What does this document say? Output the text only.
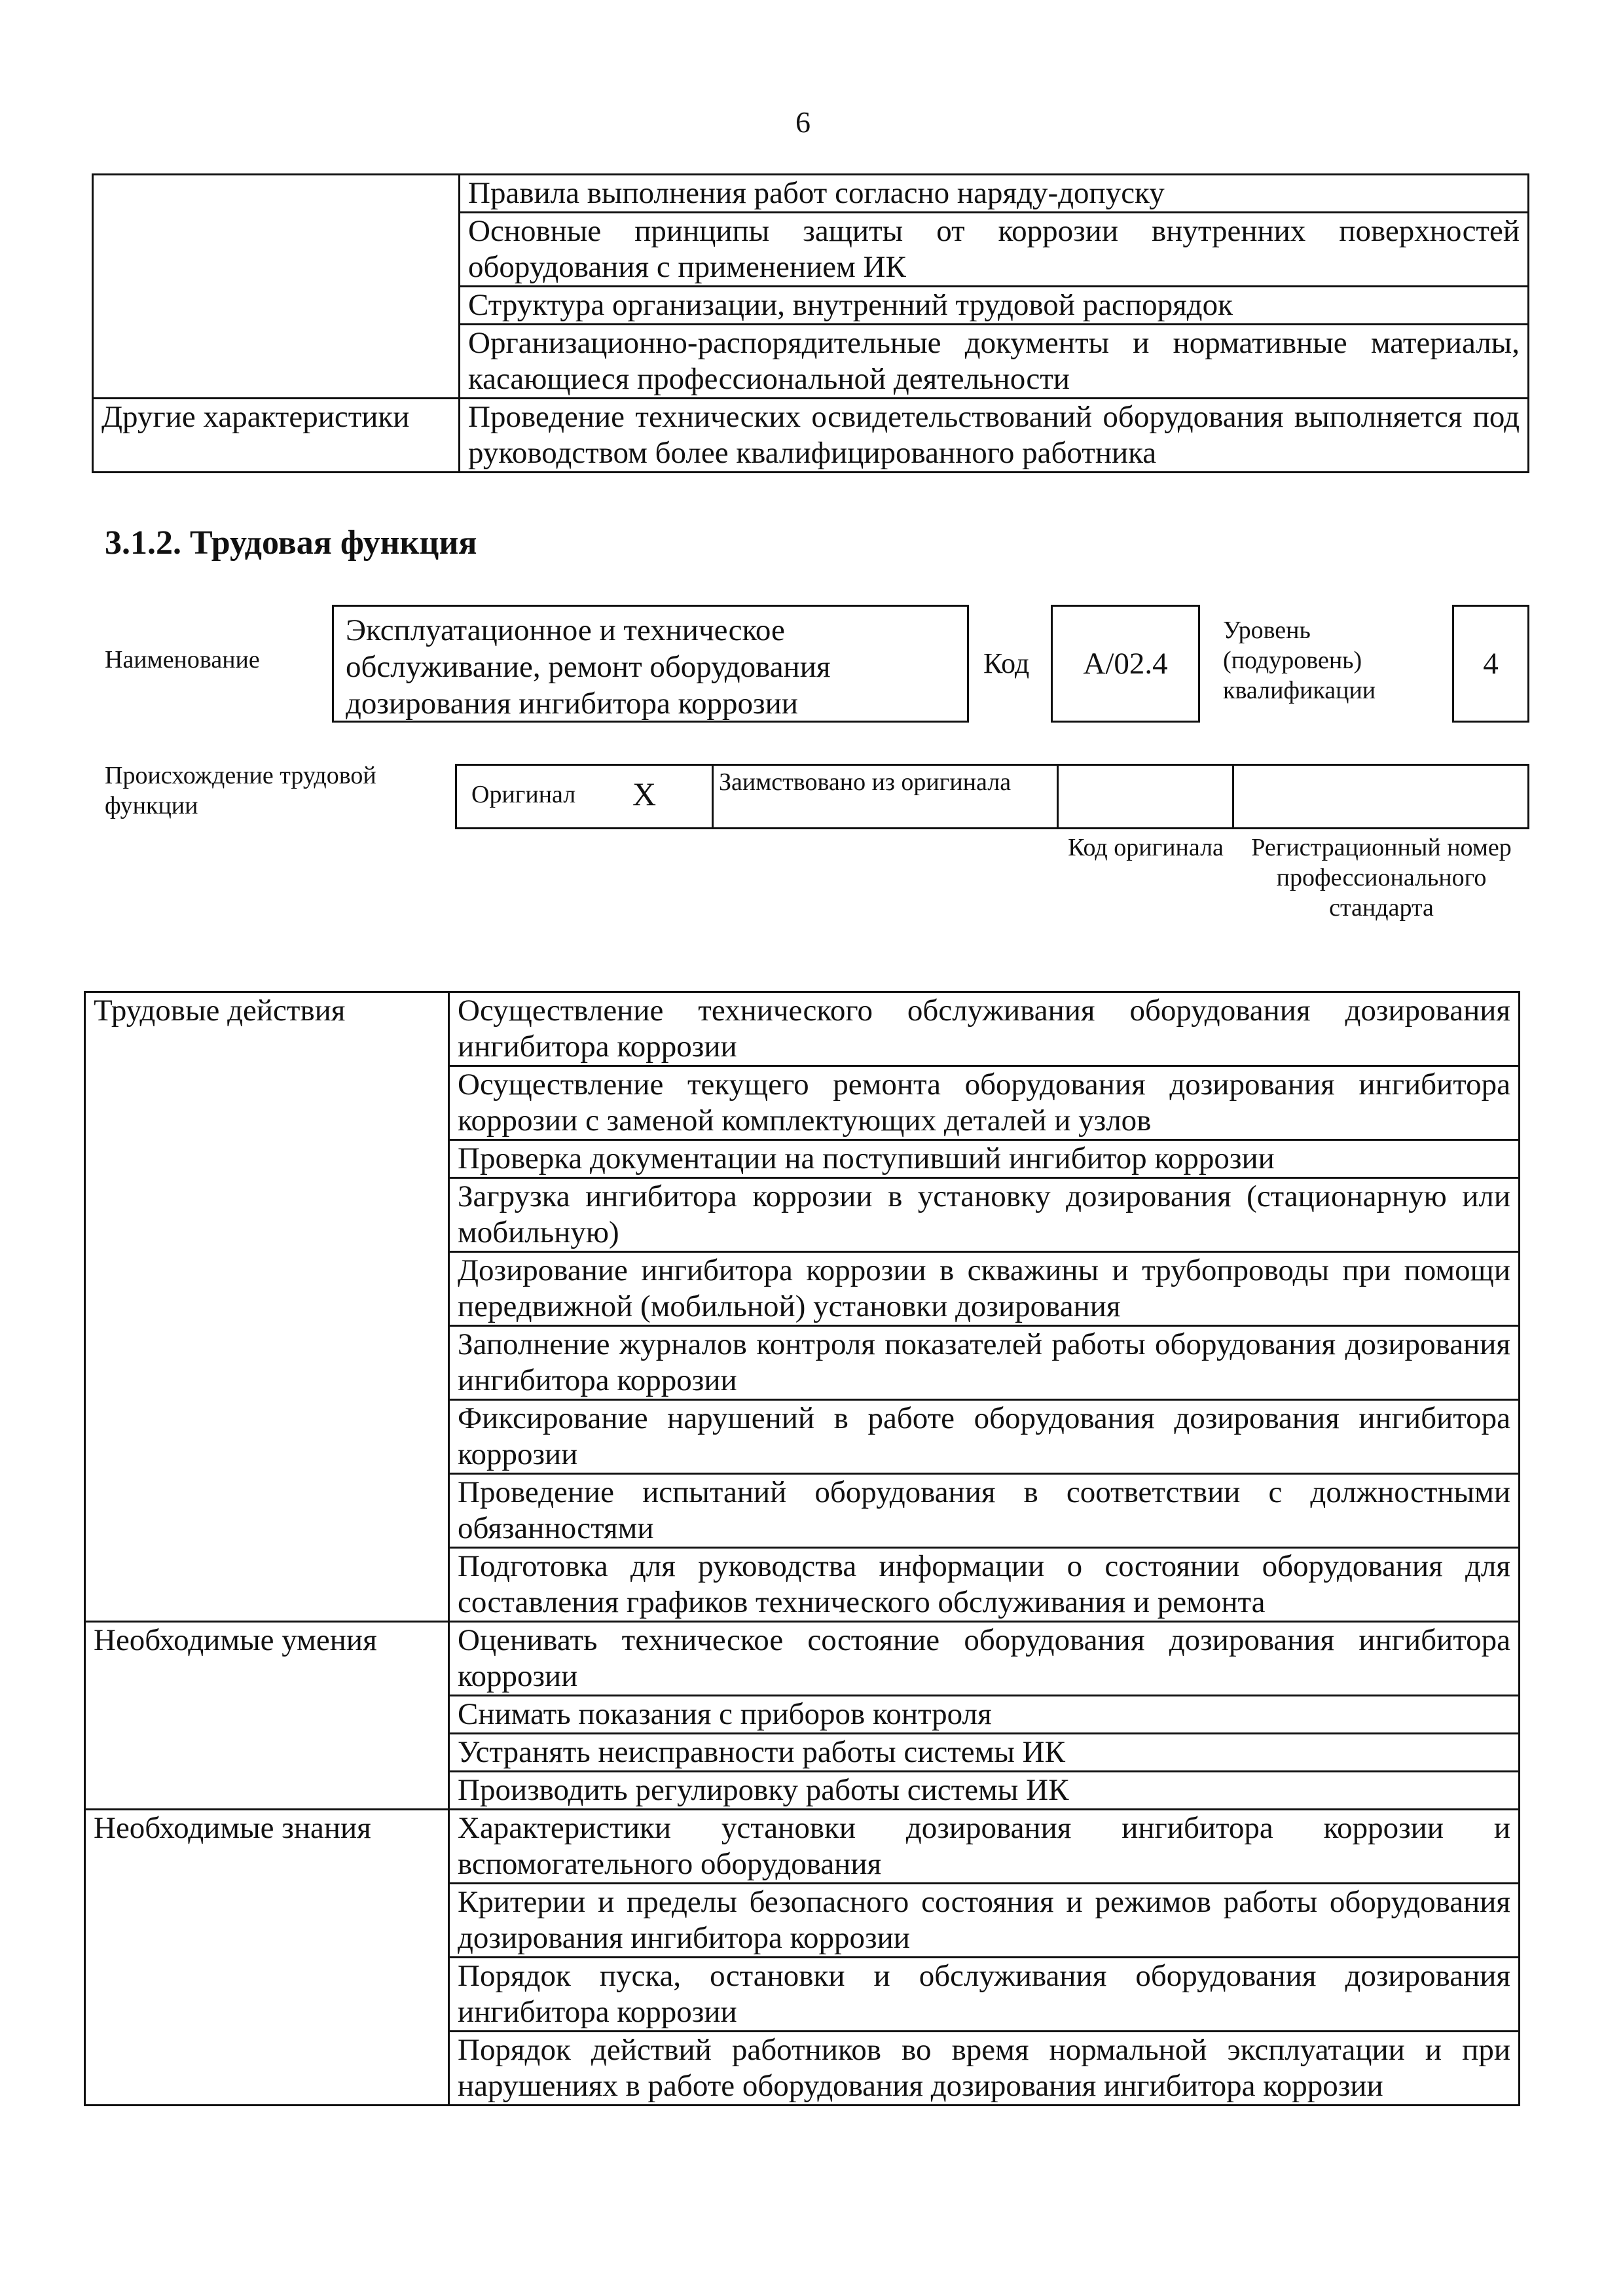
6
	Правила выполнения работ согласно наряду-допуску
	Основные принципы защиты от коррозии внутренних поверхностей оборудования с применением ИК
	Структура организации, внутренний трудовой распорядок
	Организационно-распорядительные документы и нормативные материалы, касающиеся профессиональной деятельности
Другие характеристики	Проведение технических освидетельствований оборудования выполняется под руководством более квалифицированного работника
3.1.2. Трудовая функция
Наименование
Эксплуатационное и техническое обслуживание, ремонт оборудования дозирования ингибитора коррозии
Код А/02.4
Уровень (подуровень) квалификации
4
Происхождение трудовой функции	Оригинал X	Заимствовано из оригинала
Код оригинала	Регистрационный номер профессионального стандарта
Трудовые действия	Осуществление технического обслуживания оборудования дозирования ингибитора коррозии
	Осуществление текущего ремонта оборудования дозирования ингибитора коррозии с заменой комплектующих деталей и узлов
	Проверка документации на поступивший ингибитор коррозии
	Загрузка ингибитора коррозии в установку дозирования (стационарную или мобильную)
	Дозирование ингибитора коррозии в скважины и трубопроводы при помощи передвижной (мобильной) установки дозирования
	Заполнение журналов контроля показателей работы оборудования дозирования ингибитора коррозии
	Фиксирование нарушений в работе оборудования дозирования ингибитора коррозии
	Проведение испытаний оборудования в соответствии с должностными обязанностями
	Подготовка для руководства информации о состоянии оборудования для составления графиков технического обслуживания и ремонта
Необходимые умения	Оценивать техническое состояние оборудования дозирования ингибитора коррозии
	Снимать показания с приборов контроля
	Устранять неисправности работы системы ИК
	Производить регулировку работы системы ИК
Необходимые знания	Характеристики установки дозирования ингибитора коррозии и вспомогательного оборудования
	Критерии и пределы безопасного состояния и режимов работы оборудования дозирования ингибитора коррозии
	Порядок пуска, остановки и обслуживания оборудования дозирования ингибитора коррозии
	Порядок действий работников во время нормальной эксплуатации и при нарушениях в работе оборудования дозирования ингибитора коррозии
